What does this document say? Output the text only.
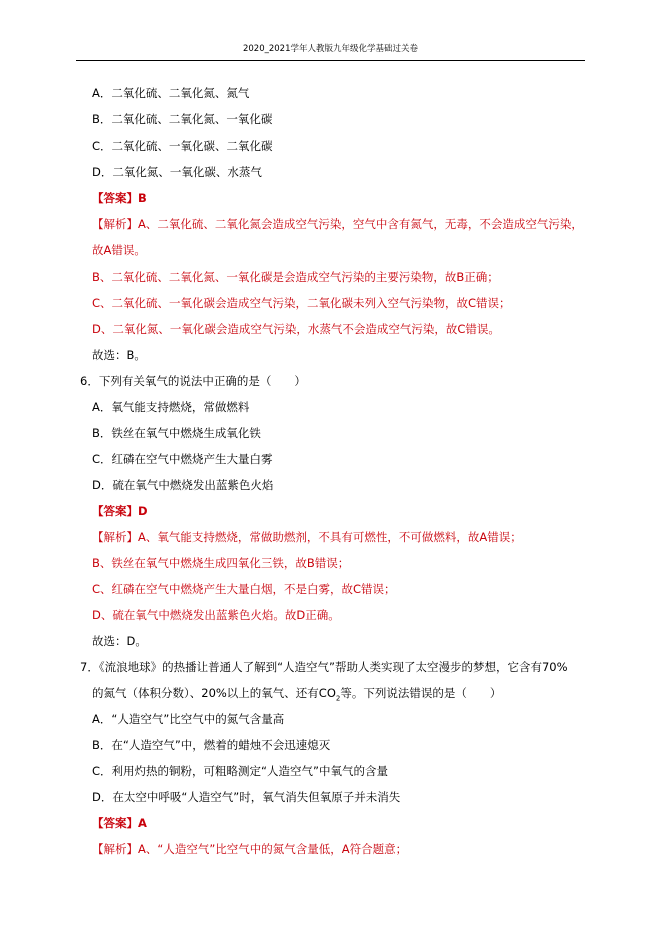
2020_2021学年人教版九年级化学基础过关卷
A．二氧化硫、二氧化氮、氮气
B．二氧化硫、二氧化氮、一氧化碳
C．二氧化硫、一氧化碳、二氧化碳
D．二氧化氮、一氧化碳、水蒸气
【答案】B
【解析】A、二氧化硫、二氧化氮会造成空气污染，空气中含有氮气，无毒，不会造成空气污染，
故A错误。
B、二氧化硫、二氧化氮、一氧化碳是会造成空气污染的主要污染物，故B正确；
C、二氧化硫、一氧化碳会造成空气污染，二氧化碳未列入空气污染物，故C错误；
D、二氧化氮、一氧化碳会造成空气污染，水蒸气不会造成空气污染，故C错误。
故选：B。
6．下列有关氧气的说法中正确的是（　　）
A．氧气能支持燃烧，常做燃料
B．铁丝在氧气中燃烧生成氧化铁
C．红磷在空气中燃烧产生大量白雾
D．硫在氧气中燃烧发出蓝紫色火焰
【答案】D
【解析】A、氧气能支持燃烧，常做助燃剂，不具有可燃性，不可做燃料，故A错误；
B、铁丝在氧气中燃烧生成四氧化三铁，故B错误；
C、红磷在空气中燃烧产生大量白烟，不是白雾，故C错误；
D、硫在氧气中燃烧发出蓝紫色火焰。故D正确。
故选：D。
7．《流浪地球》的热播让普通人了解到“人造空气”帮助人类实现了太空漫步的梦想，它含有70%
的氮气（体积分数）、20%以上的氧气、还有$CO_2$等。下列说法错误的是（　　）
A．“人造空气”比空气中的氮气含量高
B．在“人造空气”中，燃着的蜡烛不会迅速熄灭
C．利用灼热的铜粉，可粗略测定“人造空气”中氧气的含量
D．在太空中呼吸“人造空气”时，氧气消失但氧原子并未消失
【答案】A
【解析】A、“人造空气”比空气中的氮气含量低，A符合题意；
